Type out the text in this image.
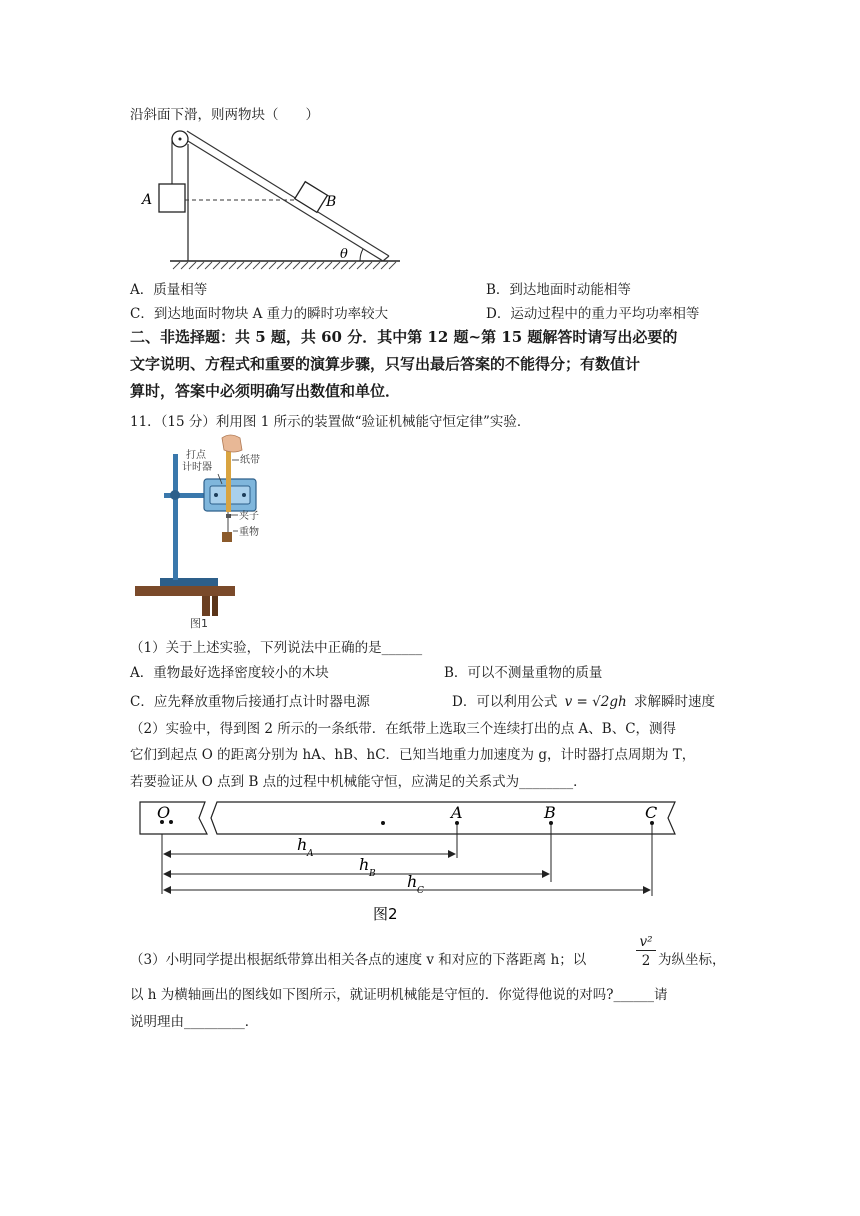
沿斜面下滑，则两物块（　　）
A	B
θ
A．质量相等	B．到达地面时动能相等
C．到达地面时物块 A 重力的瞬时功率较大	D．运动过程中的重力平均功率相等
二、非选择题：共 5 题，共 60 分．其中第 12 题~第 15 题解答时请写出必要的
文字说明、方程式和重要的演算步骤，只写出最后答案的不能得分；有数值计
算时，答案中必须明确写出数值和单位．
11．（15 分）利用图 1 所示的装置做“验证机械能守恒定律”实验．
打点
计时器
纸带
夹子
重物
图1
（1）关于上述实验，下列说法中正确的是______
A．重物最好选择密度较小的木块	B．可以不测量重物的质量
C．应先释放重物后接通打点计时器电源	D．可以利用公式 v = √2gh 求解瞬时速度
（2）实验中，得到图 2 所示的一条纸带．在纸带上选取三个连续打出的点 A、B、C，测得
它们到起点 O 的距离分别为 hA、hB、hC．已知当地重力加速度为 g，计时器打点周期为 T，
若要验证从 O 点到 B 点的过程中机械能守恒，应满足的关系式为________．
O	A	B	C
h A
h B h C
图2
（3）小明同学提出根据纸带算出相关各点的速度 v 和对应的下落距离 h；以
v²
2 为纵坐标，
以 h 为横轴画出的图线如下图所示，就证明机械能是守恒的．你觉得他说的对吗?______请
说明理由_________．
